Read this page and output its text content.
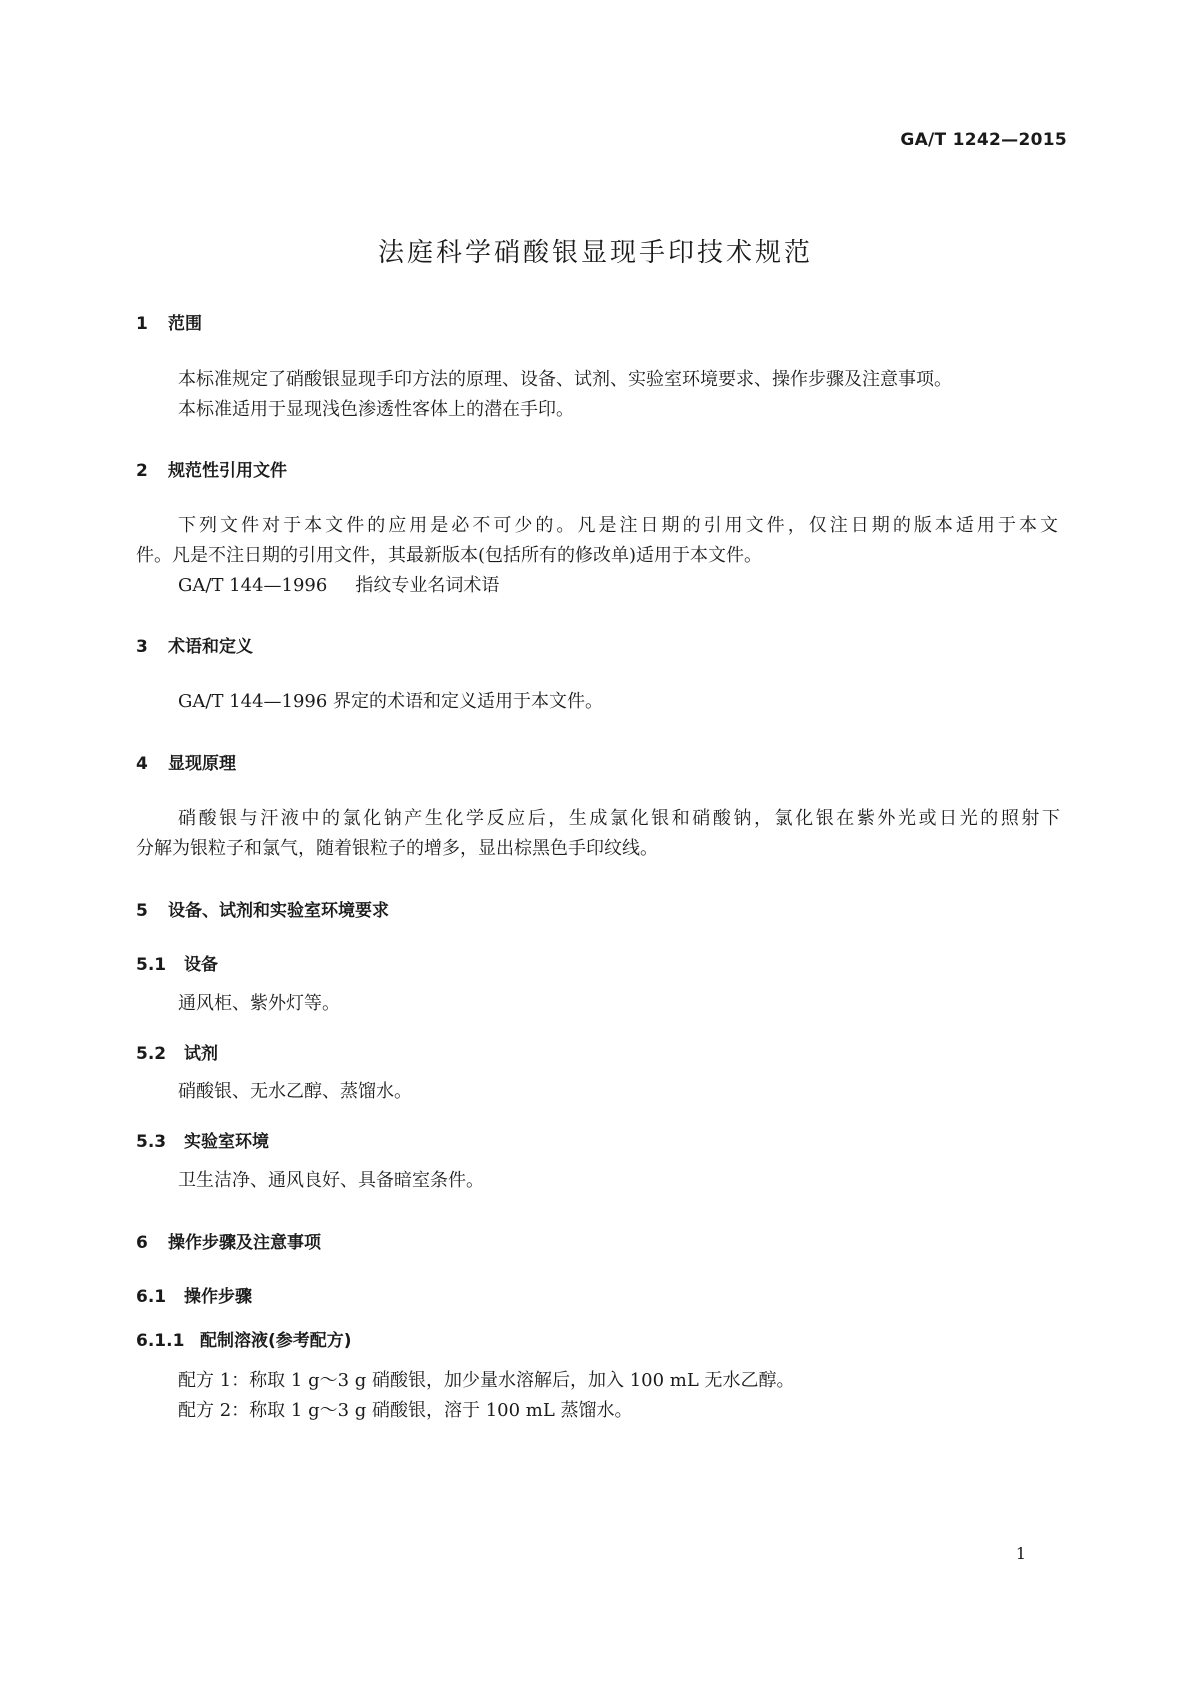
GA/T 1242—2015
法庭科学硝酸银显现手印技术规范
1 范围
本标准规定了硝酸银显现手印方法的原理、设备、试剂、实验室环境要求、操作步骤及注意事项。
本标准适用于显现浅色渗透性客体上的潜在手印。
2 规范性引用文件
下列文件对于本文件的应用是必不可少的。凡是注日期的引用文件，仅注日期的版本适用于本文
件。凡是不注日期的引用文件，其最新版本(包括所有的修改单)适用于本文件。
GA/T 144—1996 指纹专业名词术语
3 术语和定义
GA/T 144—1996 界定的术语和定义适用于本文件。
4 显现原理
硝酸银与汗液中的氯化钠产生化学反应后，生成氯化银和硝酸钠，氯化银在紫外光或日光的照射下
分解为银粒子和氯气，随着银粒子的增多，显出棕黑色手印纹线。
5 设备、试剂和实验室环境要求
5.1 设备
通风柜、紫外灯等。
5.2 试剂
硝酸银、无水乙醇、蒸馏水。
5.3 实验室环境
卫生洁净、通风良好、具备暗室条件。
6 操作步骤及注意事项
6.1 操作步骤
6.1.1 配制溶液(参考配方)
配方 1：称取 1 g～3 g 硝酸银，加少量水溶解后，加入 100 mL 无水乙醇。
配方 2：称取 1 g～3 g 硝酸银，溶于 100 mL 蒸馏水。
1
